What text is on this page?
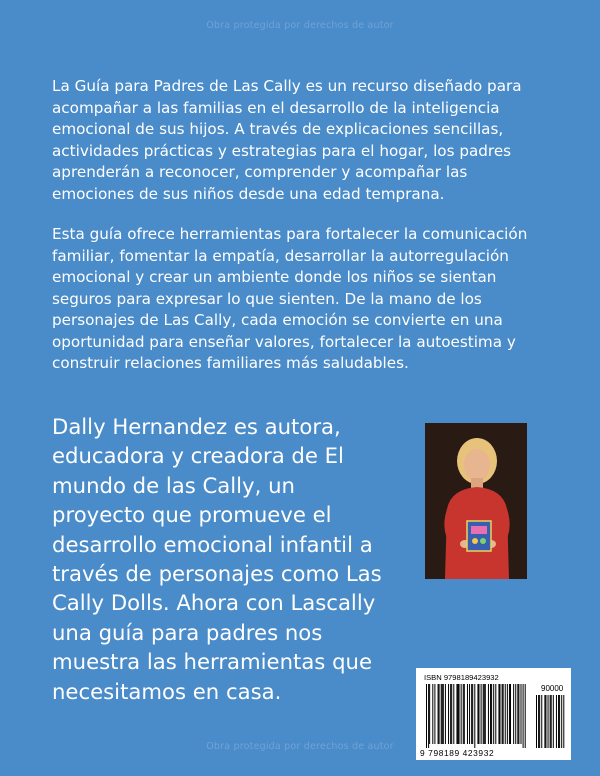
Obra protegida por derechos de autor

La Guía para Padres de Las Cally es un recurso diseñado para acompañar a las familias en el desarrollo de la inteligencia emocional de sus hijos. A través de explicaciones sencillas, actividades prácticas y estrategias para el hogar, los padres aprenderán a reconocer, comprender y acompañar las emociones de sus niños desde una edad temprana.

Esta guía ofrece herramientas para fortalecer la comunicación familiar, fomentar la empatía, desarrollar la autorregulación emocional y crear un ambiente donde los niños se sientan seguros para expresar lo que sienten. De la mano de los personajes de Las Cally, cada emoción se convierte en una oportunidad para enseñar valores, fortalecer la autoestima y construir relaciones familiares más saludables.

Dally Hernandez es autora, educadora y creadora de El mundo de las Cally, un proyecto que promueve el desarrollo emocional infantil a través de personajes como Las Cally Dolls. Ahora con Lascally una guía para padres nos muestra las herramientas que necesitamos en casa.

ISBN 9798189423932
90000
9 798189 423932
Obra protegida por derechos de autor
